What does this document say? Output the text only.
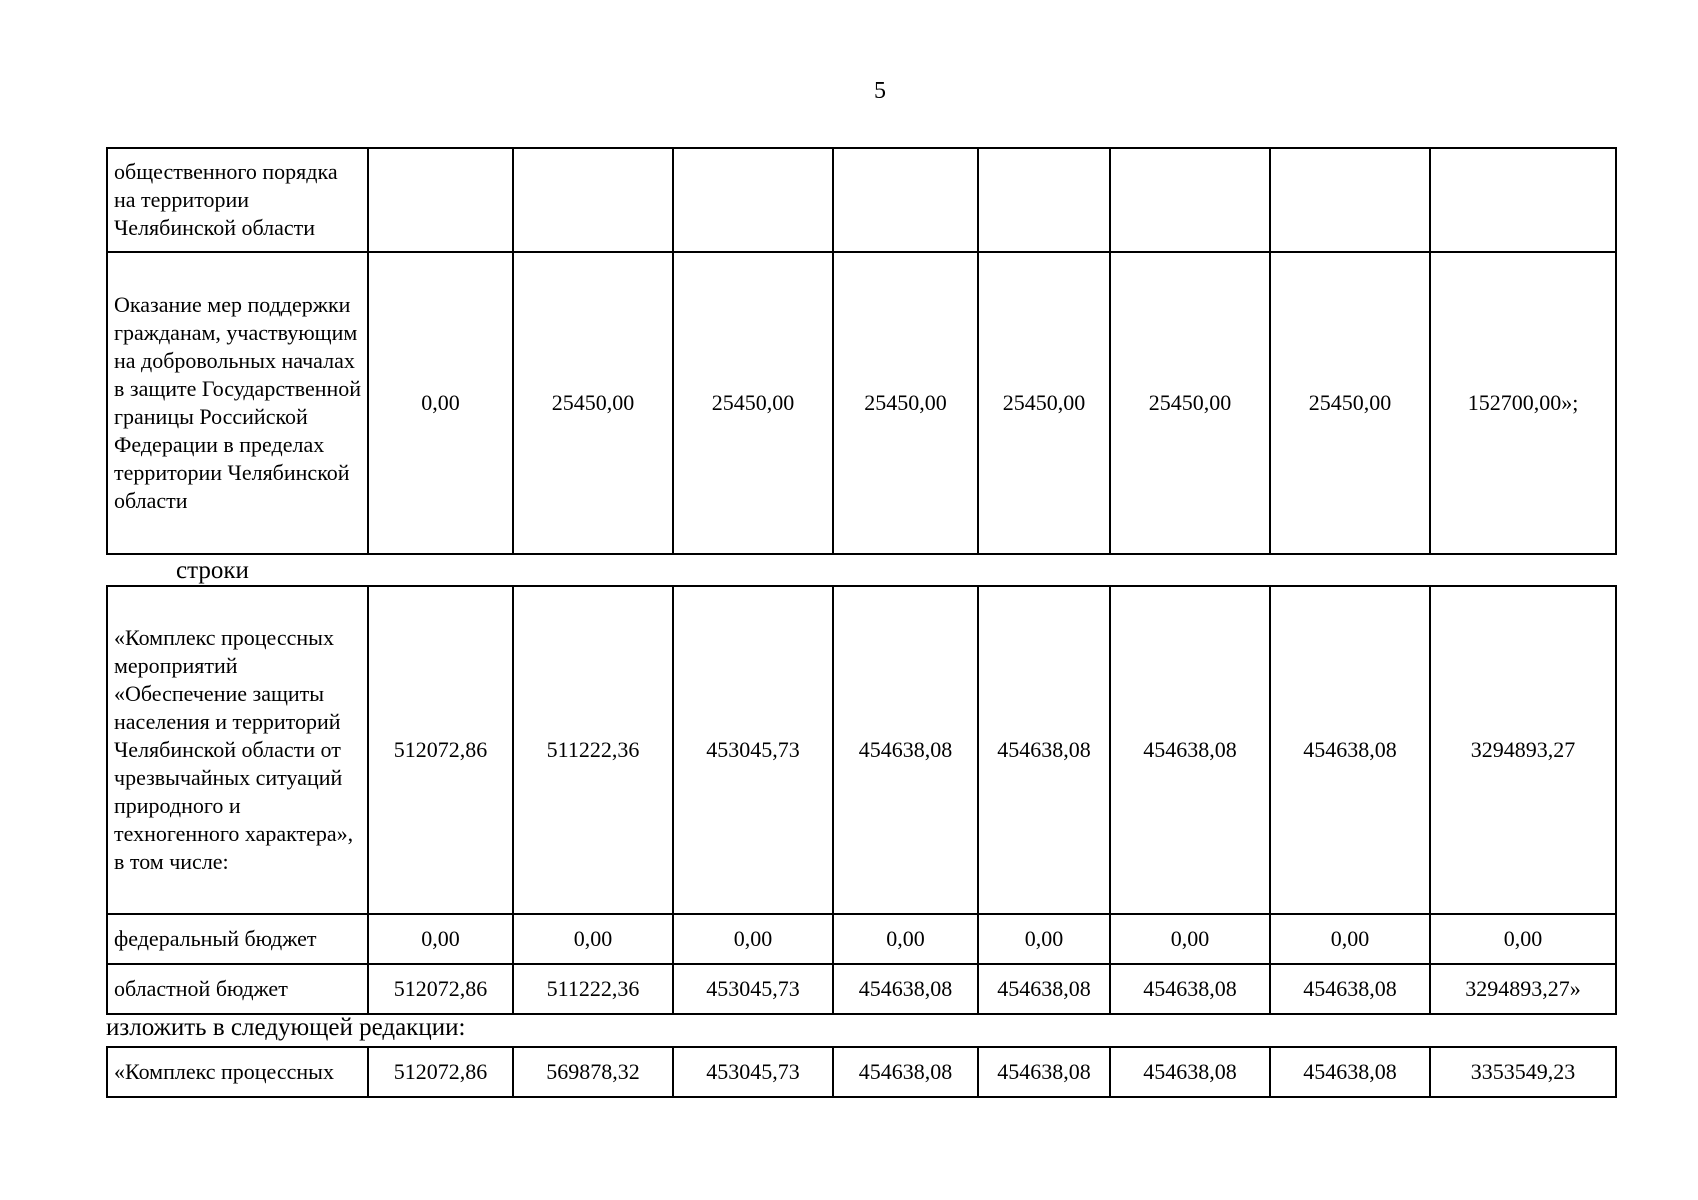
5
общественного порядка на территории Челябинской области								
Оказание мер поддержки гражданам, участвующим на добровольных началах в защите Государственной границы Российской Федерации в пределах территории Челябинской области	0,00	25450,00	25450,00	25450,00	25450,00	25450,00	25450,00	152700,00»;
строки
«Комплекс процессных мероприятий «Обеспечение защиты населения и территорий Челябинской области от чрезвычайных ситуаций природного и техногенного характера», в том числе:	512072,86	511222,36	453045,73	454638,08	454638,08	454638,08	454638,08	3294893,27
федеральный бюджет	0,00	0,00	0,00	0,00	0,00	0,00	0,00	0,00
областной бюджет	512072,86	511222,36	453045,73	454638,08	454638,08	454638,08	454638,08	3294893,27»
изложить в следующей редакции:
«Комплекс процессных	512072,86	569878,32	453045,73	454638,08	454638,08	454638,08	454638,08	3353549,23
